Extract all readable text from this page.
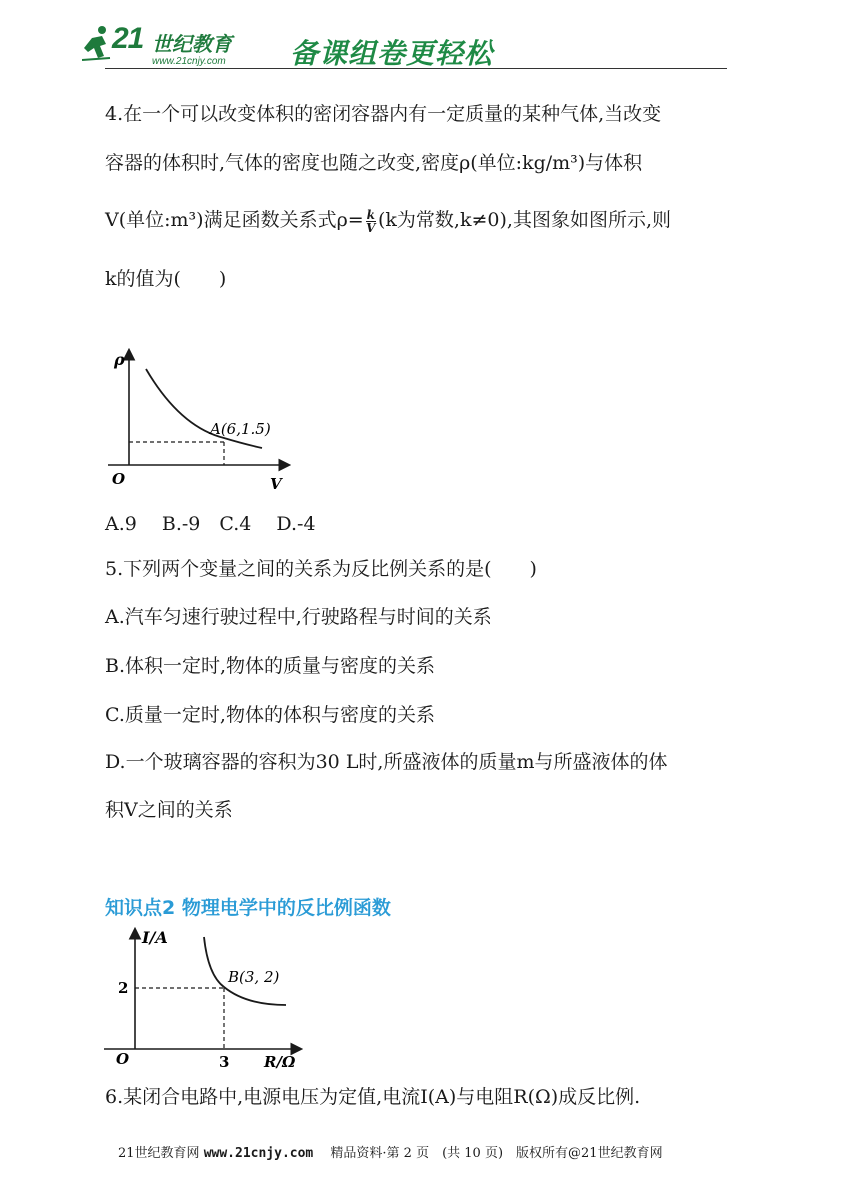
21 世纪教育
www.21cnjy.com 备课组卷更轻松
4.在一个可以改变体积的密闭容器内有一定质量的某种气体,当改变
容器的体积时,气体的密度也随之改变,密度ρ(单位:kg/m³)与体积
V(单位:m³)满足函数关系式$\rho= \frac{k}{V} (k$为常数,k≠0),其图象如图所示,则
k的值为(　　)
ρ
V
O
A(6,1.5)
A.9　 B.-9　C.4　 D.-4
5.下列两个变量之间的关系为反比例关系的是(　　)
A.汽车匀速行驶过程中,行驶路程与时间的关系
B.体积一定时,物体的质量与密度的关系
C.质量一定时,物体的体积与密度的关系
D.一个玻璃容器的容积为30 L时,所盛液体的质量m与所盛液体的体
积V之间的关系
知识点2 物理电学中的反比例函数
I/A
R/Ω
O
2
3
B(3, 2)
6.某闭合电路中,电源电压为定值,电流I(A)与电阻R(Ω)成反比例.
21世纪教育网 www.21cnjy.com 　精品资料·第 2 页　(共 10 页)　版权所有@21世纪教育网
